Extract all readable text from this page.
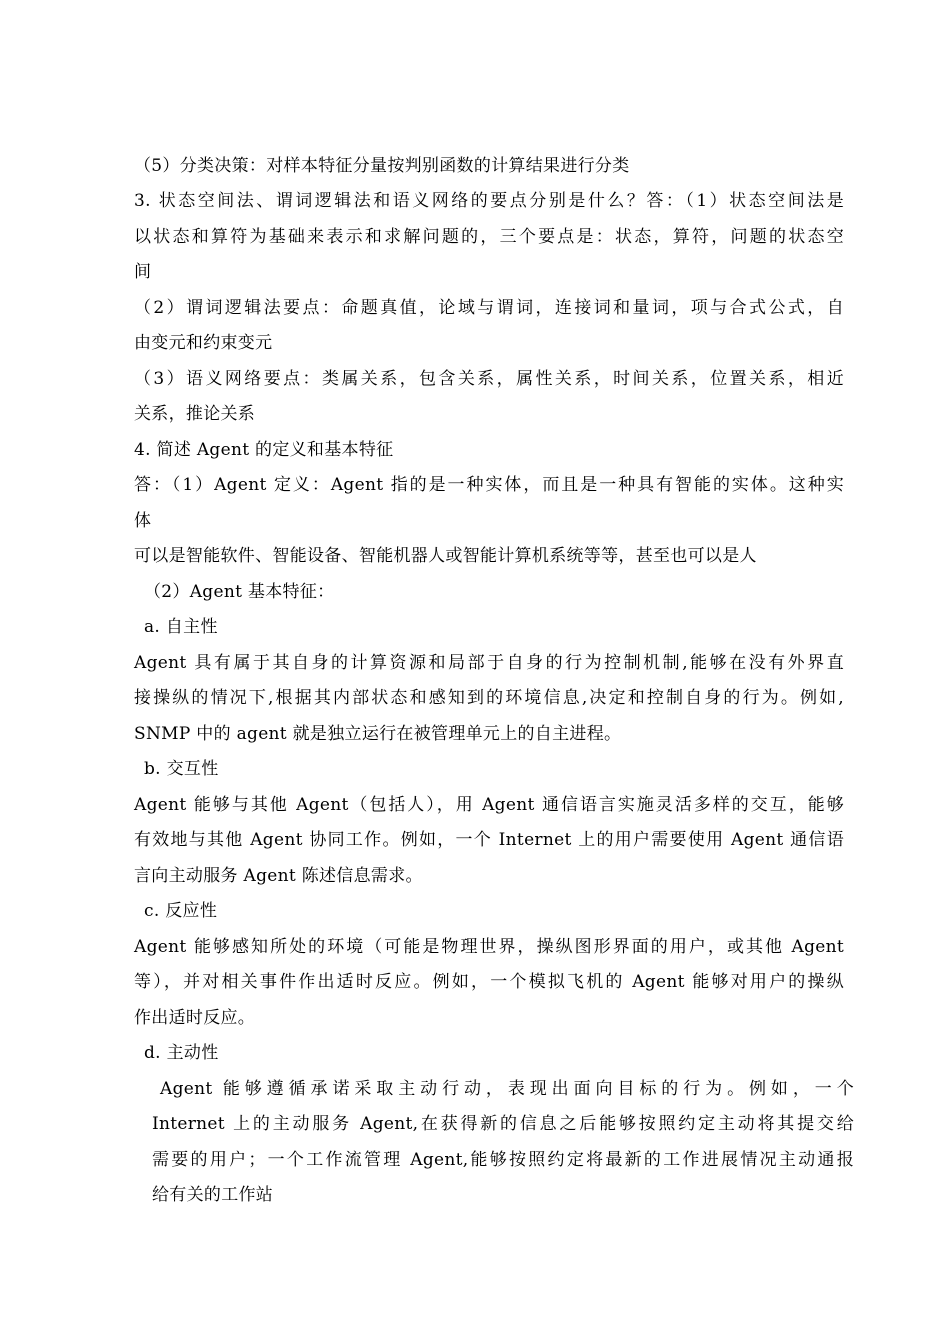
（5）分类决策：对样本特征分量按判别函数的计算结果进行分类
3. 状态空间法、谓词逻辑法和语义网络的要点分别是什么？答：（1）状态空间法是
以状态和算符为基础来表示和求解问题的，三个要点是：状态，算符，问题的状态空
间
（2）谓词逻辑法要点：命题真值，论域与谓词，连接词和量词，项与合式公式，自
由变元和约束变元
（3）语义网络要点：类属关系，包含关系，属性关系，时间关系，位置关系，相近
关系，推论关系
4. 简述 Agent 的定义和基本特征
答：（1）Agent 定义：Agent 指的是一种实体，而且是一种具有智能的实体。这种实
体
可以是智能软件、智能设备、智能机器人或智能计算机系统等等，甚至也可以是人
（2）Agent 基本特征：
a. 自主性
Agent 具有属于其自身的计算资源和局部于自身的行为控制机制,能够在没有外界直
接操纵的情况下,根据其内部状态和感知到的环境信息,决定和控制自身的行为。例如,
SNMP 中的 agent 就是独立运行在被管理单元上的自主进程。
b. 交互性
Agent 能够与其他 Agent（包括人），用 Agent 通信语言实施灵活多样的交互，能够
有效地与其他 Agent 协同工作。例如，一个 Internet 上的用户需要使用 Agent 通信语
言向主动服务 Agent 陈述信息需求。
c. 反应性
Agent 能够感知所处的环境（可能是物理世界，操纵图形界面的用户，或其他 Agent
等），并对相关事件作出适时反应。例如，一个模拟飞机的 Agent 能够对用户的操纵
作出适时反应。
d. 主动性
Agent 能够遵循承诺采取主动行动，表现出面向目标的行为。例如，一个
Internet 上的主动服务 Agent,在获得新的信息之后能够按照约定主动将其提交给
需要的用户；一个工作流管理 Agent,能够按照约定将最新的工作进展情况主动通报
给有关的工作站
